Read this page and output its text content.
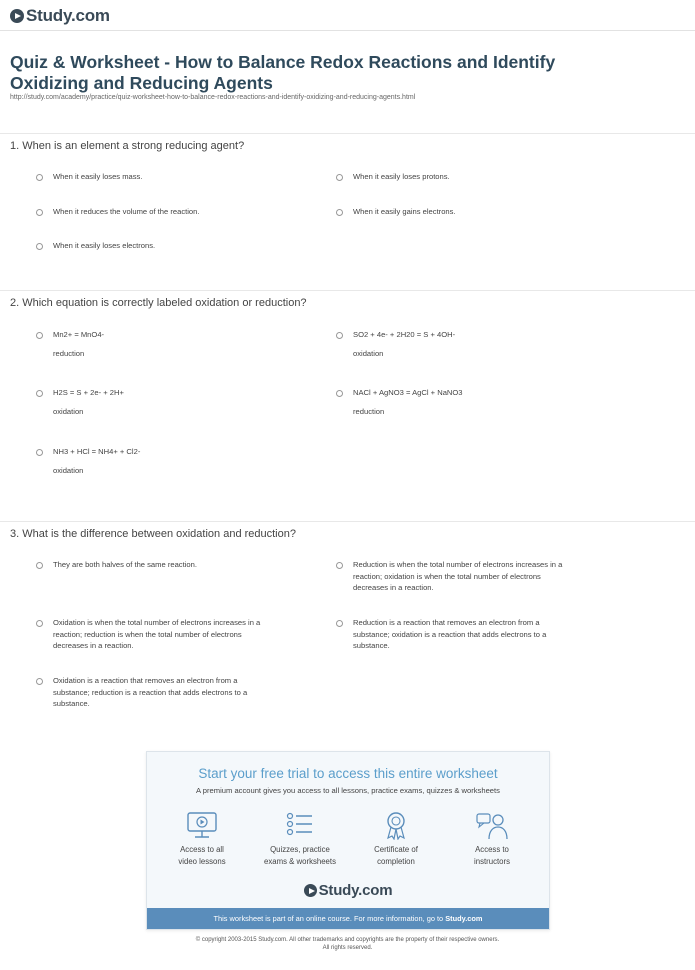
Study.com
Quiz & Worksheet - How to Balance Redox Reactions and Identify Oxidizing and Reducing Agents
http://study.com/academy/practice/quiz-worksheet-how-to-balance-redox-reactions-and-identify-oxidizing-and-reducing-agents.html
1. When is an element a strong reducing agent?
When it easily loses mass.	When it easily loses protons.
When it reduces the volume of the reaction.	When it easily gains electrons.
When it easily loses electrons.
2. Which equation is correctly labeled oxidation or reduction?
Mn2+ = MnO4-
reduction
SO2 + 4e- + 2H20 = S + 4OH-
oxidation
H2S = S + 2e- + 2H+
oxidation
NACl + AgNO3 = AgCl + NaNO3
reduction
NH3 + HCl = NH4+ + Cl2-
oxidation
3. What is the difference between oxidation and reduction?
They are both halves of the same reaction.	Reduction is when the total number of electrons increases in a
reaction; oxidation is when the total number of electrons
decreases in a reaction.
Oxidation is when the total number of electrons increases in a
reaction; reduction is when the total number of electrons
decreases in a reaction.
Reduction is a reaction that removes an electron from a
substance; oxidation is a reaction that adds electrons to a
substance.
Oxidation is a reaction that removes an electron from a
substance; reduction is a reaction that adds electrons to a
substance.
Start your free trial to access this entire worksheet
A premium account gives you access to all lessons, practice exams, quizzes & worksheets
Access to all
video lessons
Quizzes, practice
exams & worksheets
Certificate of
completion
Access to
instructors
Study.com
This worksheet is part of an online course. For more information, go to Study.com
© copyright 2003-2015 Study.com. All other trademarks and copyrights are the property of their respective owners.
All rights reserved.
